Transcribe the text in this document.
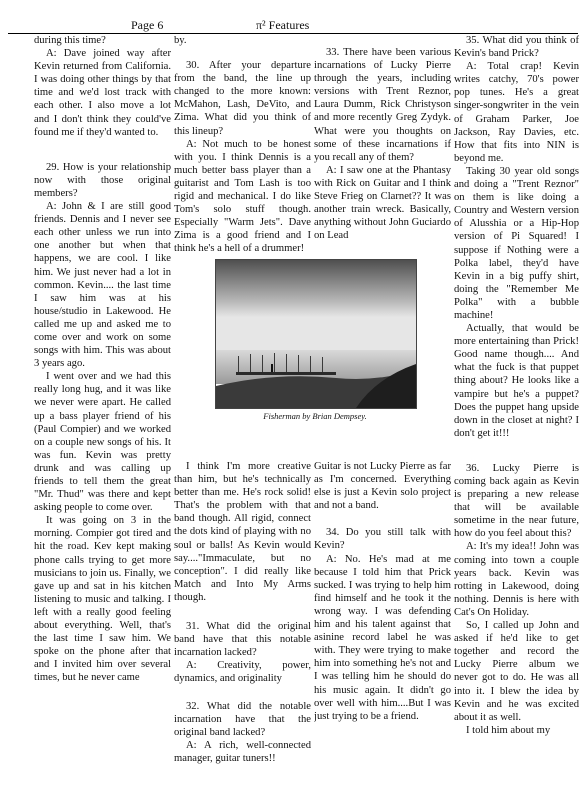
Page 6	π² Features

during this time?

A: Dave joined way after Kevin returned from California. I was doing other things by that time and we'd lost track with each other. I also move a lot and I don't think they could've found me if they'd wanted to.

29. How is your relationship now with those original members?

A: John & I are still good friends. Dennis and I never see each other unless we run into one another but when that happens, we are cool. I like him. We just never had a lot in common. Kevin.... the last time I saw him was at his house/studio in Lakewood. He called me up and asked me to come over and work on some songs with him. This was about 3 years ago.

I went over and we had this really long hug, and it was like we never were apart. He called up a bass player friend of his (Paul Compier) and we worked on a couple new songs of his. It was fun. Kevin was pretty drunk and was calling up friends to tell them the great "Mr. Thud" was there and kept asking people to come over.

It was going on 3 in the morning. Compier got tired and hit the road. Kev kept making phone calls trying to get more musicians to join us. Finally, we gave up and sat in his kitchen listening to music and talking. I left with a really good feeling about everything. Well, that's the last time I saw him. We spoke on the phone after that and I invited him over several times, but he never came

by.

30. After your departure from the band, the line up changed to the more known: McMahon, Lash, DeVito, and Zima. What did you think of this lineup?

A: Not much to be honest with you. I think Dennis is a much better bass player than a guitarist and Tom Lash is too rigid and mechanical. I do like Tom's solo stuff though. Especially "Warm Jets". Dave Zima is a good friend and I think he's a hell of a drummer!

33. There have been various incarnations of Lucky Pierre through the years, including versions with Trent Reznor, Laura Dumm, Rick Christyson and more recently Greg Zydyk. What were you thoughts on some of these incarnations if you recall any of them?

A: I saw one at the Phantasy with Rick on Guitar and I think Steve Frieg on Clarnet?? It was another train wreck. Basically, anything without John Guciardo on Lead

Fisherman by Brian Dempsey.

I think I'm more creative than him, but he's technically better than me. He's rock solid! That's the problem with that band though. All rigid, connect the dots kind of playing with no soul or balls! As Kevin would say...."Immaculate, but no conception". I did really like Match and Into My Arms though.

31. What did the original band have that this notable incarnation lacked?

A: Creativity, power, dynamics, and originality

32. What did the notable incarnation have that the original band lacked?

A: A rich, well-connected manager, guitar tuners!!

Guitar is not Lucky Pierre as far as I'm concerned. Everything else is just a Kevin solo project and not a band.

34. Do you still talk with Kevin?

A: No. He's mad at me because I told him that Prick sucked. I was trying to help him find himself and he took it the wrong way. I was defending him and his talent against that asinine record label he was with. They were trying to make him into something he's not and I was telling him he should do his music again. It didn't go over well with him....But I was just trying to be a friend.

35. What did you think of Kevin's band Prick?

A: Total crap! Kevin writes catchy, 70's power pop tunes. He's a great singer-songwriter in the vein of Graham Parker, Joe Jackson, Ray Davies, etc. How that fits into NIN is beyond me.

Taking 30 year old songs and doing a "Trent Reznor" on them is like doing a Country and Western version of Alusshia or a Hip-Hop version of Pi Squared! I suppose if Nothing were a Polka label, they'd have Kevin in a big puffy shirt, doing the "Remember Me Polka" with a bubble machine!

Actually, that would be more entertaining than Prick! Good name though.... And what the fuck is that puppet thing about? He looks like a vampire but he's a puppet? Does the puppet hang upside down in the closet at night? I don't get it!!!

36. Lucky Pierre is coming back again as Kevin is preparing a new release that will be available sometime in the near future, how do you feel about this?

A: It's my idea!! John was coming into town a couple years back. Kevin was rotting in Lakewood, doing nothing. Dennis is here with Cat's On Holiday.

So, I called up John and asked if he'd like to get together and record the Lucky Pierre album we never got to do. He was all into it. I blew the idea by Kevin and he was excited about it as well.

I told him about my
